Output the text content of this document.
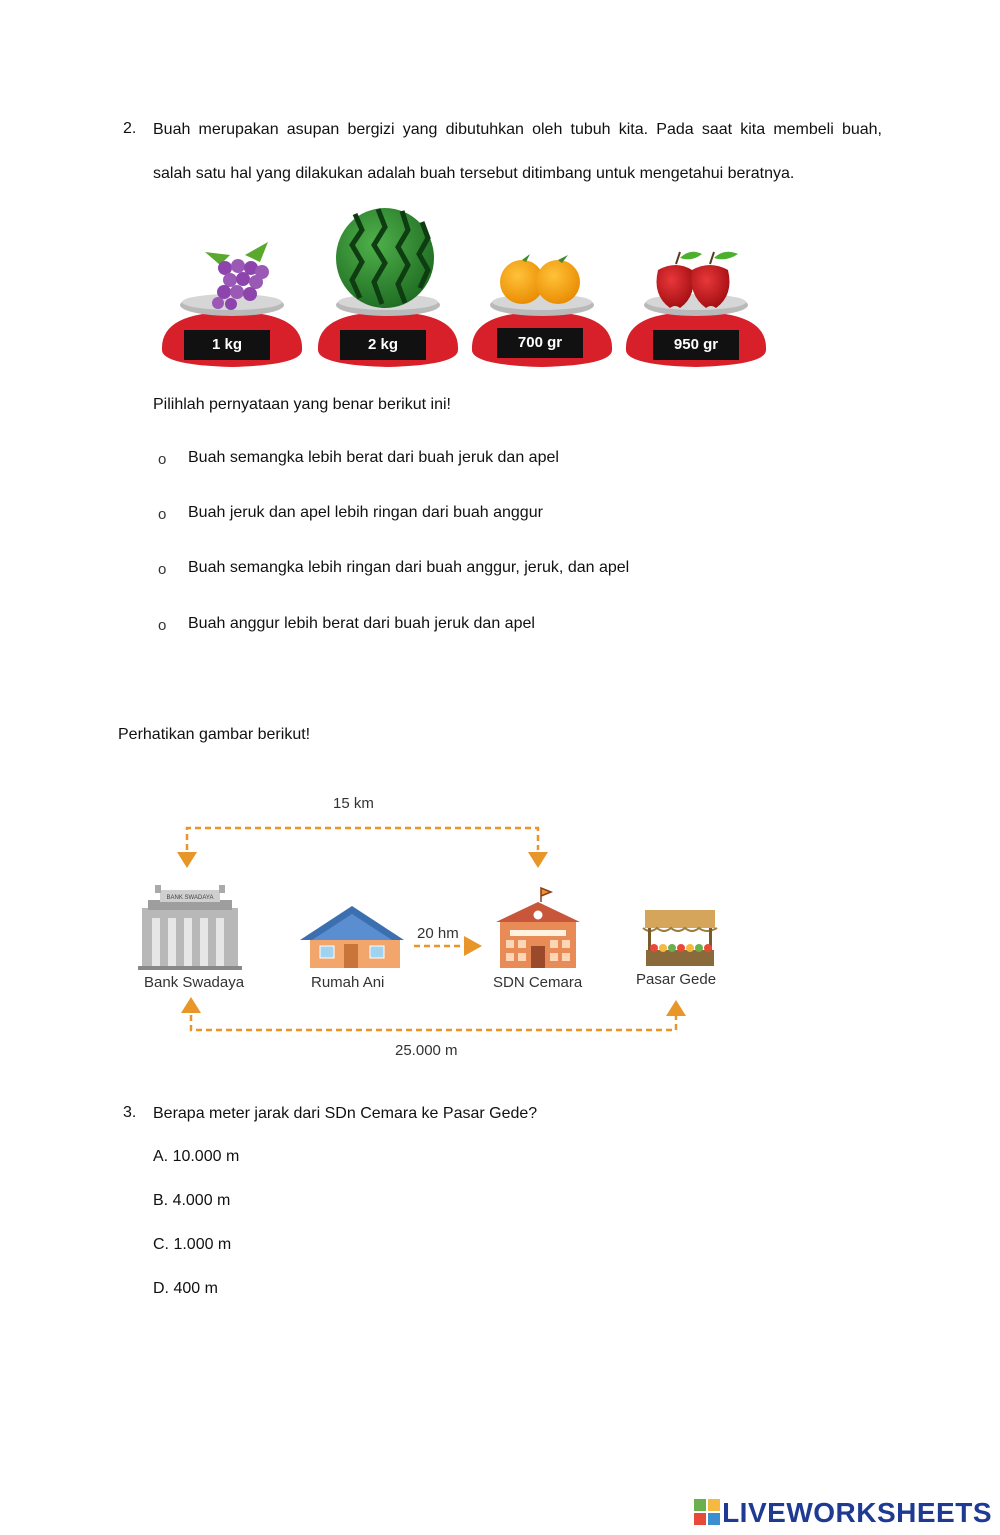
2. Buah merupakan asupan bergizi yang dibutuhkan oleh tubuh kita. Pada saat kita membeli buah,
salah satu hal yang dilakukan adalah buah tersebut ditimbang untuk mengetahui beratnya.
1 kg	2 kg	700 gr	950 gr
Pilihlah pernyataan yang benar berikut ini!
o Buah semangka lebih berat dari buah jeruk dan apel
o Buah jeruk dan apel lebih ringan dari buah anggur
o Buah semangka lebih ringan dari buah anggur, jeruk, dan apel
o Buah anggur lebih berat dari buah jeruk dan apel
Perhatikan gambar berikut!
BANK SWADAYA
15 km
20 hm
25.000 m
Bank Swadaya	Rumah Ani	SDN Cemara	Pasar Gede
3. Berapa meter jarak dari SDn Cemara ke Pasar Gede?
A. 10.000 m
B. 4.000 m
C. 1.000 m
D. 400 m
LIVEWORKSHEETS
